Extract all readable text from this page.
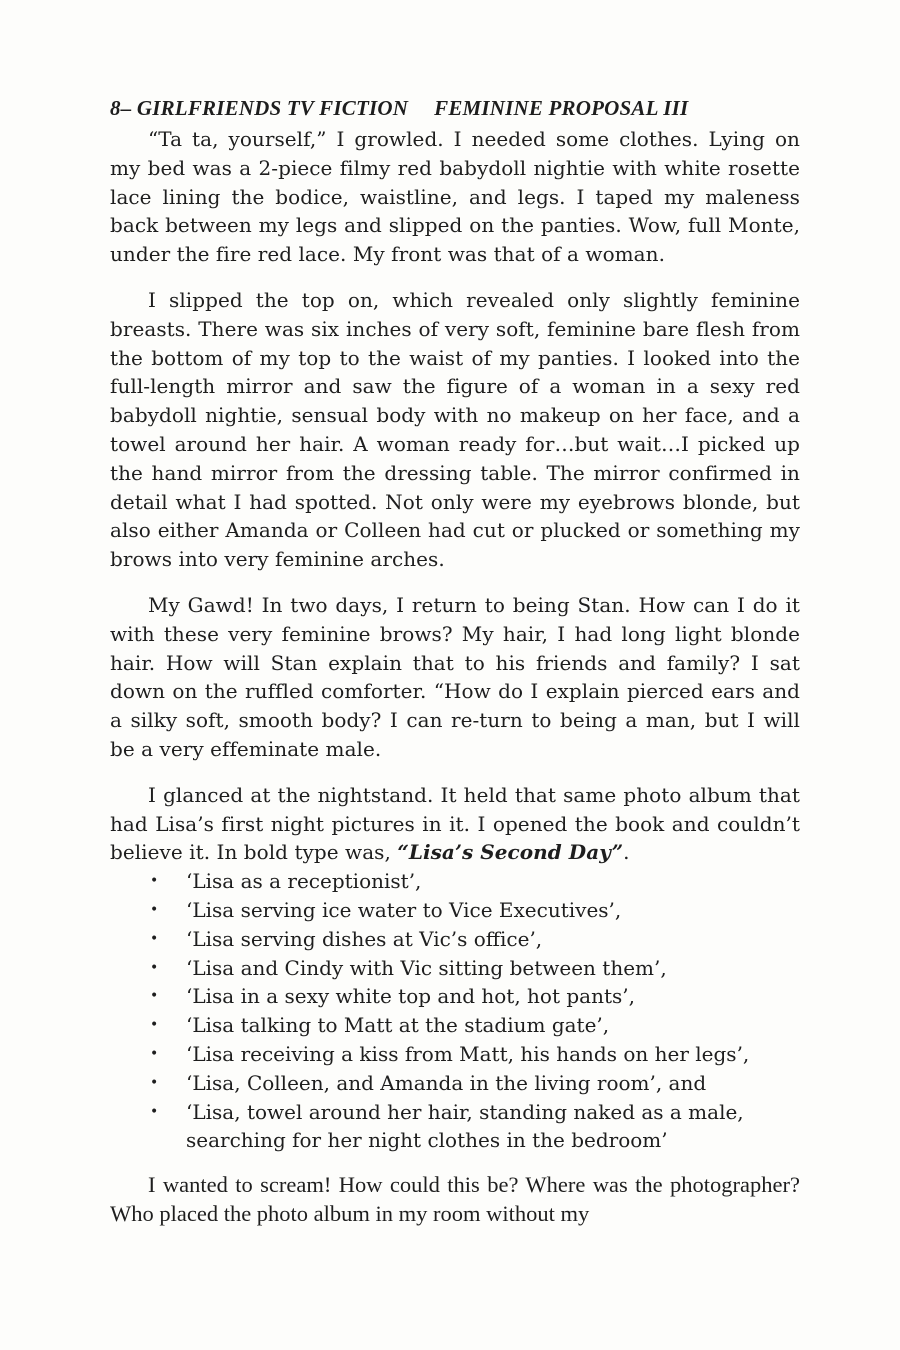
8– GIRLFRIENDS TV FICTION FEMININE PROPOSAL III

“Ta ta, yourself,” I growled. I needed some clothes. Lying on my bed was a 2-piece filmy red babydoll nightie with white rosette lace lining the bodice, waistline, and legs. I taped my maleness back between my legs and slipped on the panties. Wow, full Monte, under the fire red lace. My front was that of a woman.

I slipped the top on, which revealed only slightly feminine breasts. There was six inches of very soft, feminine bare flesh from the bottom of my top to the waist of my panties. I looked into the full-length mirror and saw the figure of a woman in a sexy red babydoll nightie, sensual body with no makeup on her face, and a towel around her hair. A woman ready for…but wait…I picked up the hand mirror from the dressing table. The mirror confirmed in detail what I had spotted. Not only were my eyebrows blonde, but also either Amanda or Colleen had cut or plucked or something my brows into very feminine arches.

My Gawd! In two days, I return to being Stan. How can I do it with these very feminine brows? My hair, I had long light blonde hair. How will Stan explain that to his friends and family? I sat down on the ruffled comforter. “How do I explain pierced ears and a silky soft, smooth body? I can re-turn to being a man, but I will be a very effeminate male.

I glanced at the nightstand. It held that same photo album that had Lisa’s first night pictures in it. I opened the book and couldn’t believe it. In bold type was, “Lisa’s Second Day”.

• ‘Lisa as a receptionist’,
• ‘Lisa serving ice water to Vice Executives’,
• ‘Lisa serving dishes at Vic’s office’,
• ‘Lisa and Cindy with Vic sitting between them’,
• ‘Lisa in a sexy white top and hot, hot pants’,
• ‘Lisa talking to Matt at the stadium gate’,
• ‘Lisa receiving a kiss from Matt, his hands on her legs’,
• ‘Lisa, Colleen, and Amanda in the living room’, and
• ‘Lisa, towel around her hair, standing naked as a male, searching for her night clothes in the bedroom’

I wanted to scream! How could this be? Where was the photographer? Who placed the photo album in my room without my
